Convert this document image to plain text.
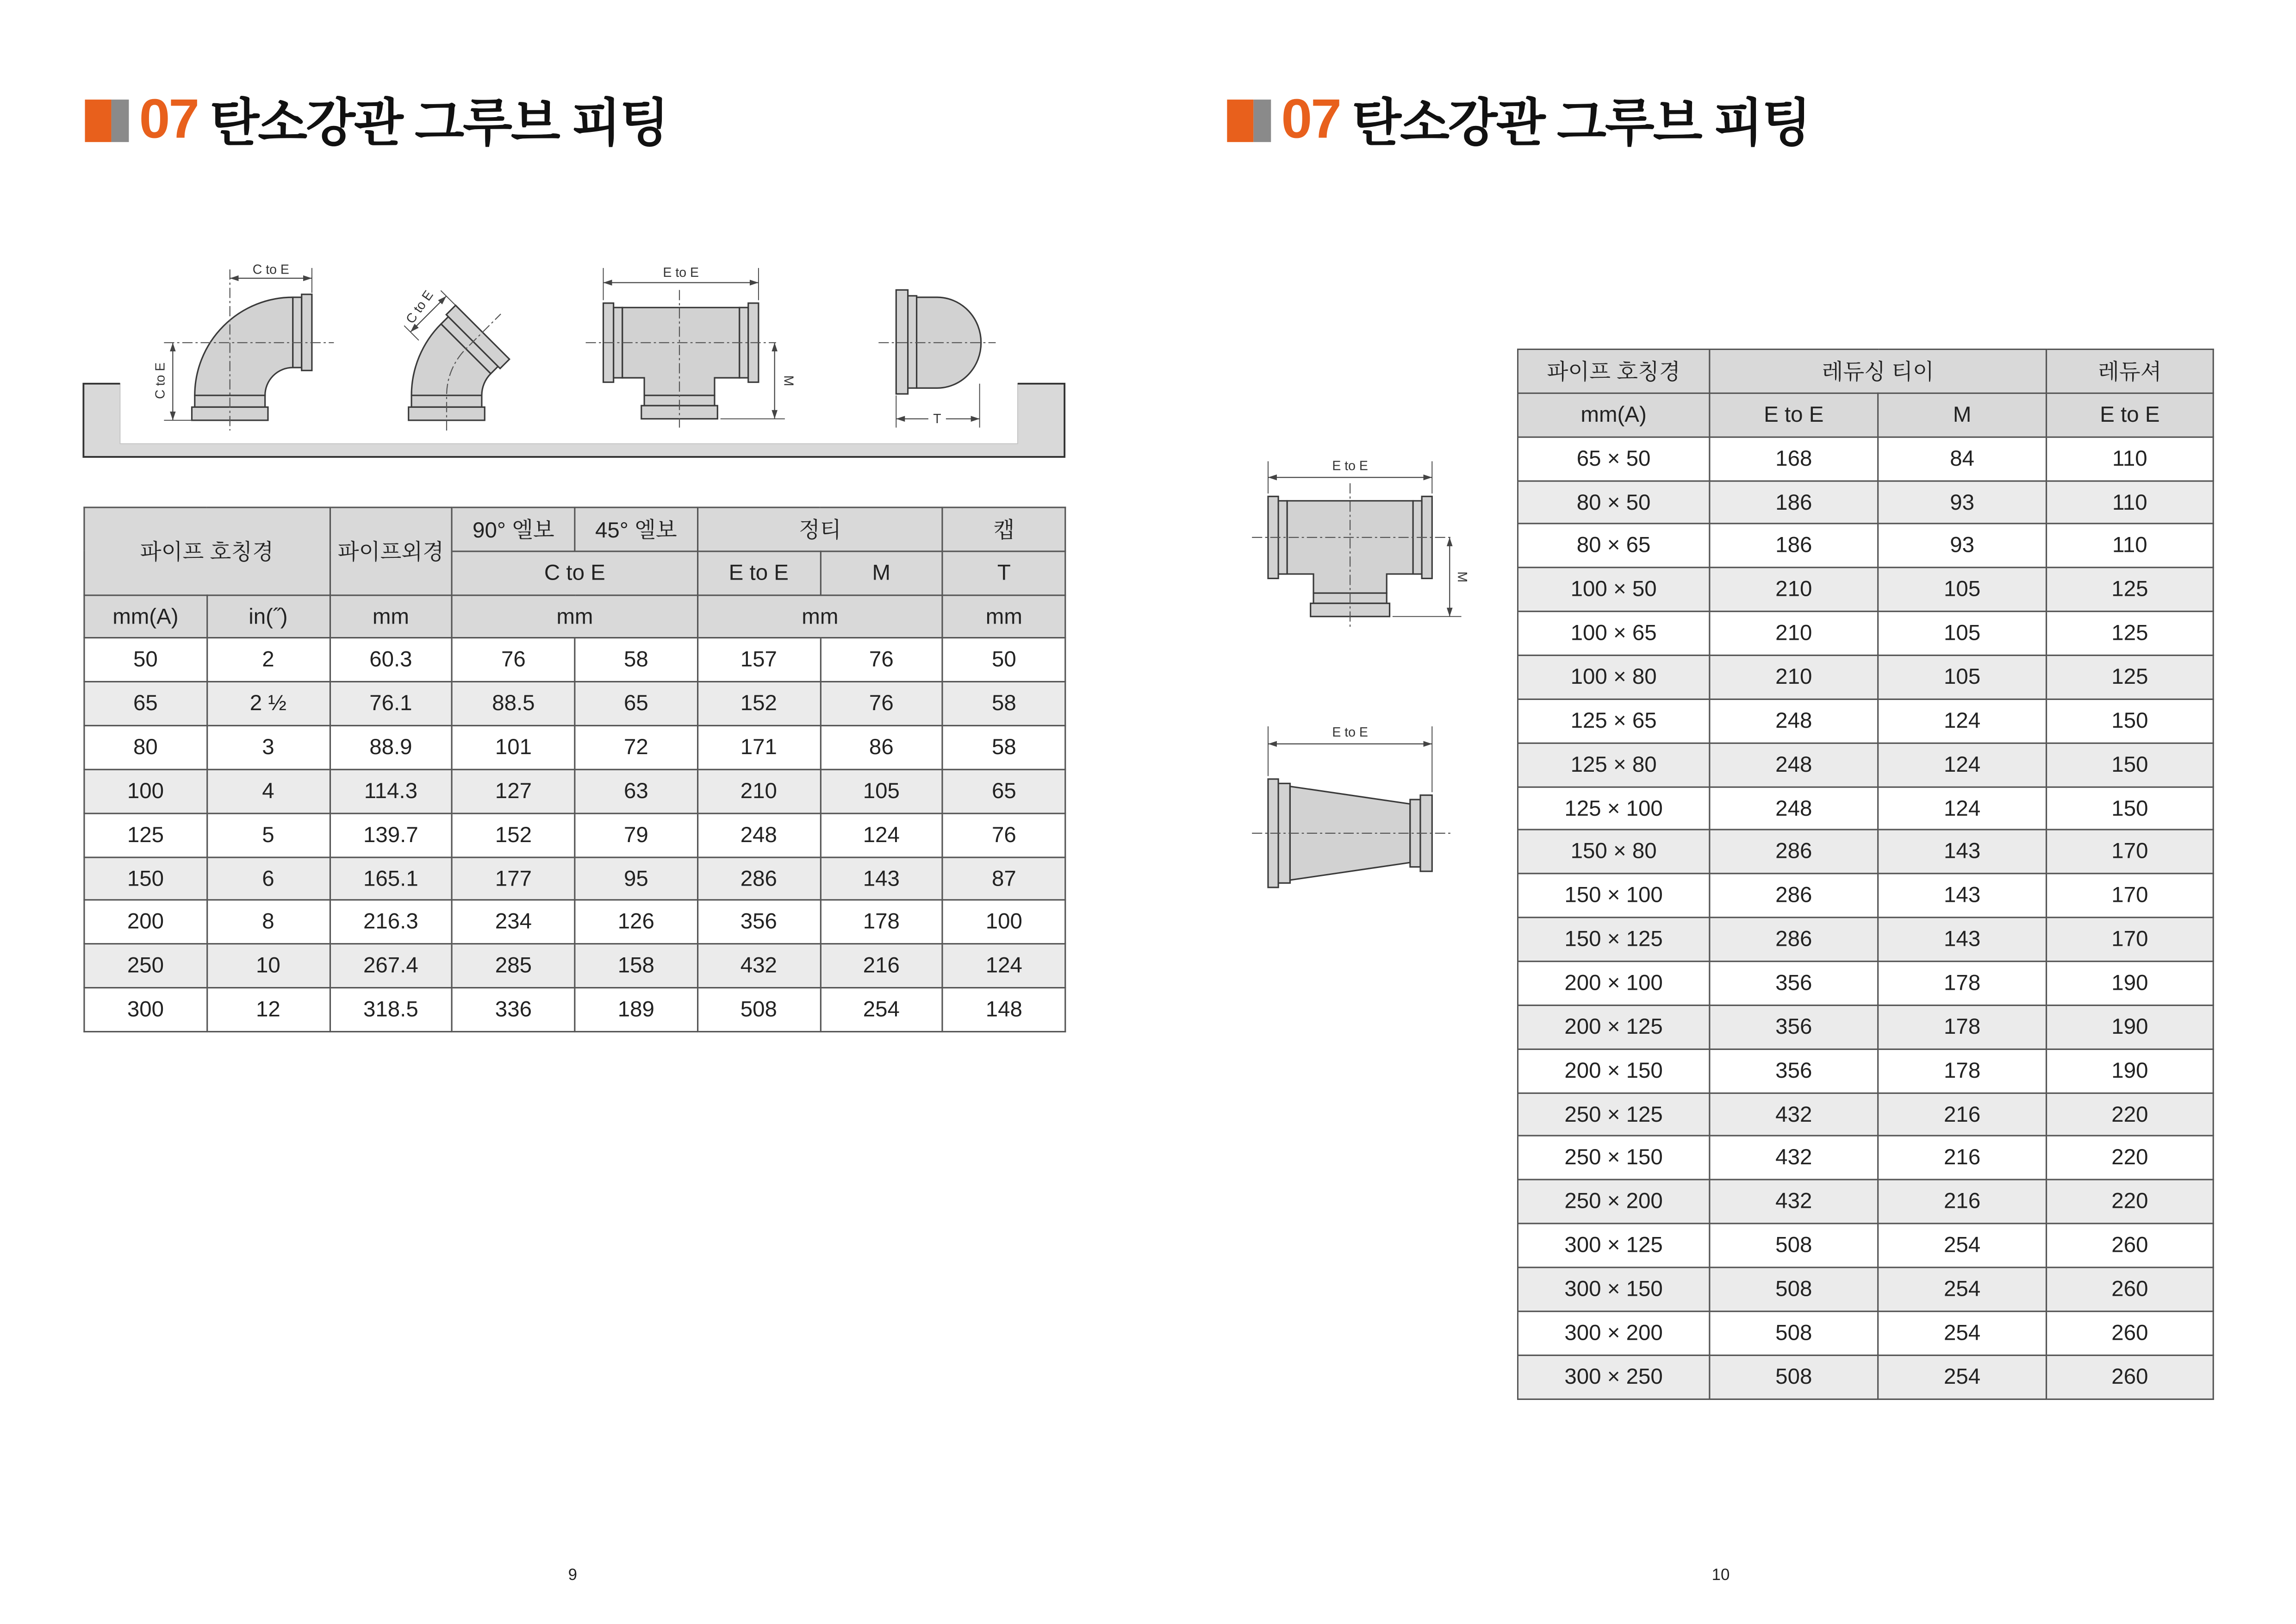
07 탄소강관 그루브 피팅
C to E
C to E
C to E
E to E
M
T
파이프 호칭경		파이프외경	90° 엘보	45° 엘보	정티		캡
			C to E		E to E	M	T
mm(A)	in(˝)	mm	mm		mm		mm
50	2	60.3	76	58	157	76	50
65	2 ½	76.1	88.5	65	152	76	58
80	3	88.9	101	72	171	86	58
100	4	114.3	127	63	210	105	65
125	5	139.7	152	79	248	124	76
150	6	165.1	177	95	286	143	87
200	8	216.3	234	126	356	178	100
250	10	267.4	285	158	432	216	124
300	12	318.5	336	189	508	254	148
9
07 탄소강관 그루브 피팅
E to E
M
E to E
파이프 호칭경	레듀싱 티이		레듀셔
mm(A)	E to E	M	E to E
65 × 50	168	84	110
80 × 50	186	93	110
80 × 65	186	93	110
100 × 50	210	105	125
100 × 65	210	105	125
100 × 80	210	105	125
125 × 65	248	124	150
125 × 80	248	124	150
125 × 100	248	124	150
150 × 80	286	143	170
150 × 100	286	143	170
150 × 125	286	143	170
200 × 100	356	178	190
200 × 125	356	178	190
200 × 150	356	178	190
250 × 125	432	216	220
250 × 150	432	216	220
250 × 200	432	216	220
300 × 125	508	254	260
300 × 150	508	254	260
300 × 200	508	254	260
300 × 250	508	254	260
10
